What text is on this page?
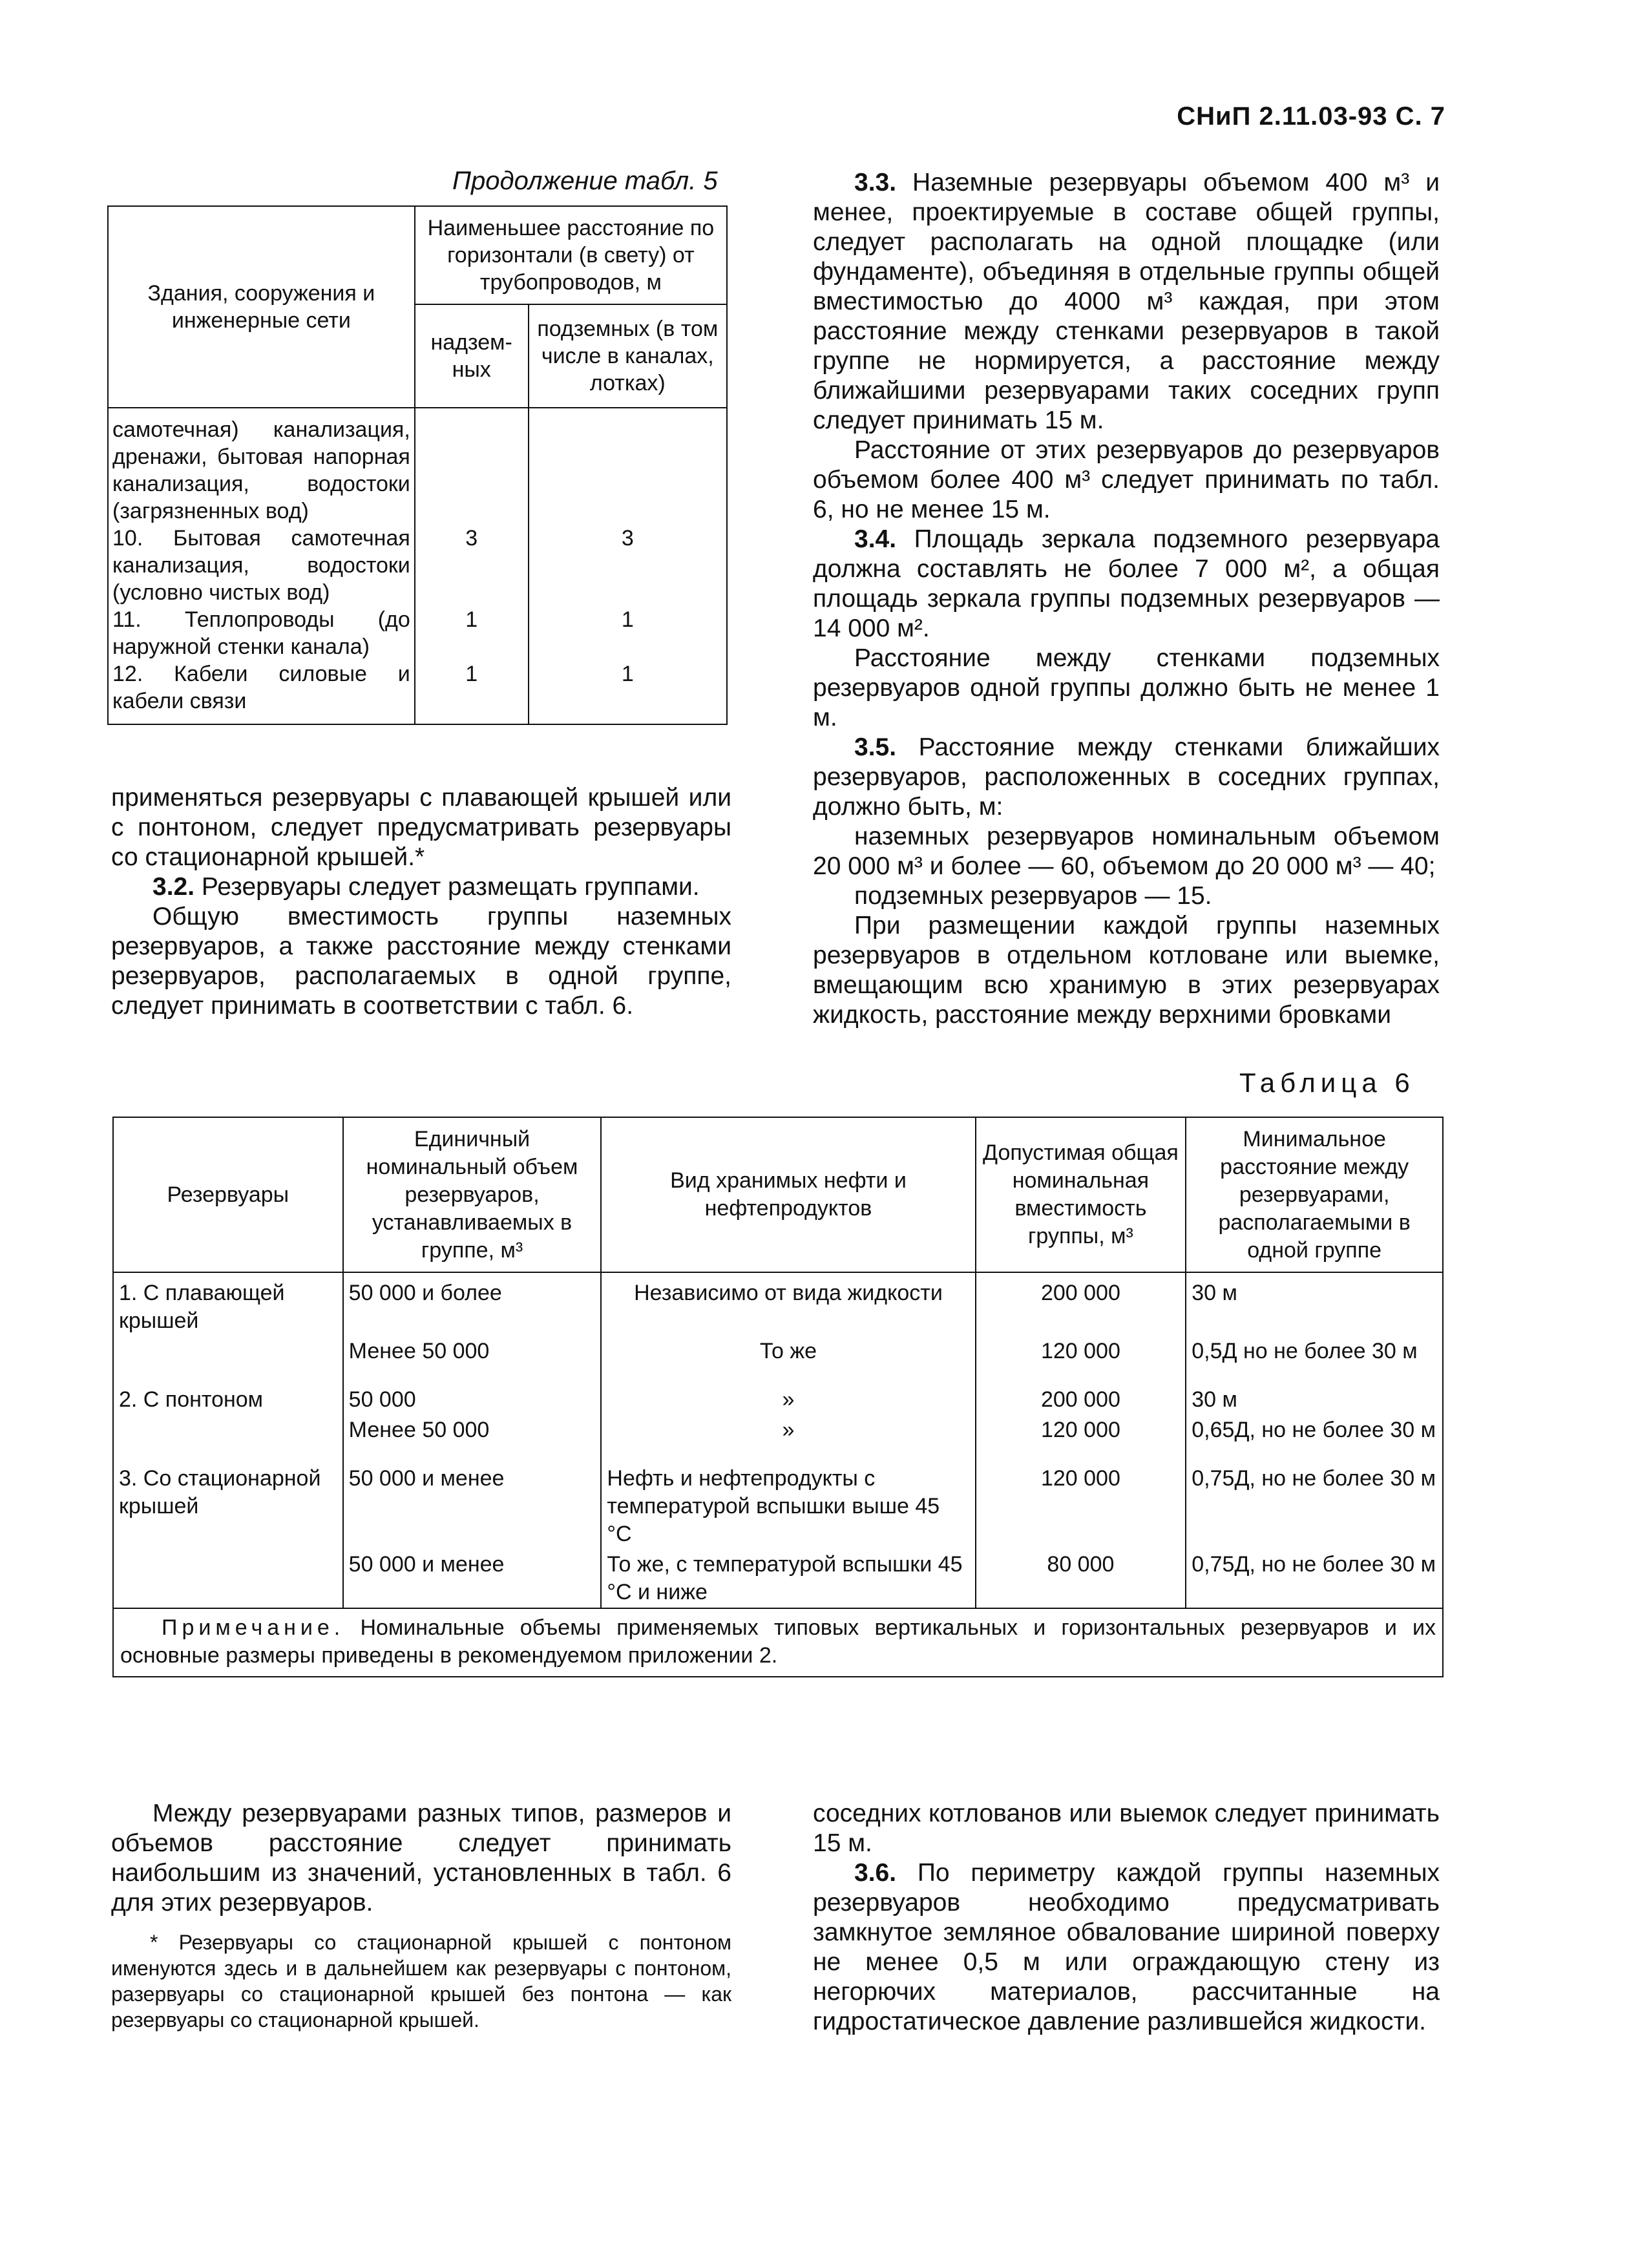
СНиП 2.11.03-93 С. 7
Продолжение табл. 5
Здания, сооружения и инженерные сети	Наименьшее расстояние по горизонтали (в свету) от трубопроводов, м	
	надзем-ных	подземных (в том числе в каналах, лотках)
самотечная) канализация, дренажи, бытовая напорная канализация, водостоки (загрязненных вод)		
10. Бытовая самотечная канализация, водостоки (условно чистых вод)	3	3
11. Теплопроводы (до наружной стенки канала)	1	1
12. Кабели силовые и кабели связи	1	1

применяться резервуары с плавающей крышей или с понтоном, следует предусматривать резервуары со стационарной крышей.*

3.2. Резервуары следует размещать группами.

Общую вместимость группы наземных резервуаров, а также расстояние между стенками резервуаров, располагаемых в одной группе, следует принимать в соответствии с табл. 6.

3.3. Наземные резервуары объемом 400 м³ и менее, проектируемые в составе общей группы, следует располагать на одной площадке (или фундаменте), объединяя в отдельные группы общей вместимостью до 4000 м³ каждая, при этом расстояние между стенками резервуаров в такой группе не нормируется, а расстояние между ближайшими резервуарами таких соседних групп следует принимать 15 м.

Расстояние от этих резервуаров до резервуаров объемом более 400 м³ следует принимать по табл. 6, но не менее 15 м.

3.4. Площадь зеркала подземного резервуара должна составлять не более 7 000 м², а общая площадь зеркала группы подземных резервуаров — 14 000 м².

Расстояние между стенками подземных резервуаров одной группы должно быть не менее 1 м.

3.5. Расстояние между стенками ближайших резервуаров, расположенных в соседних группах, должно быть, м:

наземных резервуаров номинальным объемом 20 000 м³ и более — 60, объемом до 20 000 м³ — 40;

подземных резервуаров — 15.

При размещении каждой группы наземных резервуаров в отдельном котловане или выемке, вмещающим всю хранимую в этих резервуарах жидкость, расстояние между верхними бровками

Таблица 6
Резервуары	Единичный номинальный объем резервуаров, устанавливаемых в группе, м³	Вид хранимых нефти и нефтепродуктов	Допустимая общая номинальная вместимость группы, м³	Минимальное расстояние между резервуарами, располагаемыми в одной группе
1. С плавающей крышей	50 000 и более	Независимо от вида жидкости	200 000	30 м
	Менее 50 000	То же	120 000	0,5Д но не более 30 м
2. С понтоном	50 000	»	200 000	30 м
	Менее 50 000	»	120 000	0,65Д, но не более 30 м
3. Со стационарной крышей	50 000 и менее	Нефть и нефтепродукты с температурой вспышки выше 45 °С	120 000	0,75Д, но не более 30 м
	50 000 и менее	То же, с температурой вспышки 45 °С и ниже	80 000	0,75Д, но не более 30 м
Примечание. Номинальные объемы применяемых типовых вертикальных и горизонтальных резервуаров и их основные размеры приведены в рекомендуемом приложении 2.				

Между резервуарами разных типов, размеров и объемов расстояние следует принимать наибольшим из значений, установленных в табл. 6 для этих резервуаров.

* Резервуары со стационарной крышей с понтоном именуются здесь и в дальнейшем как резервуары с понтоном, разервуары со стационарной крышей без понтона — как резервуары со стационарной крышей.

соседних котлованов или выемок следует принимать 15 м.

3.6. По периметру каждой группы наземных резервуаров необходимо предусматривать замкнутое земляное обвалование шириной поверху не менее 0,5 м или ограждающую стену из негорючих материалов, рассчитанные на гидростатическое давление разлившейся жидкости.
